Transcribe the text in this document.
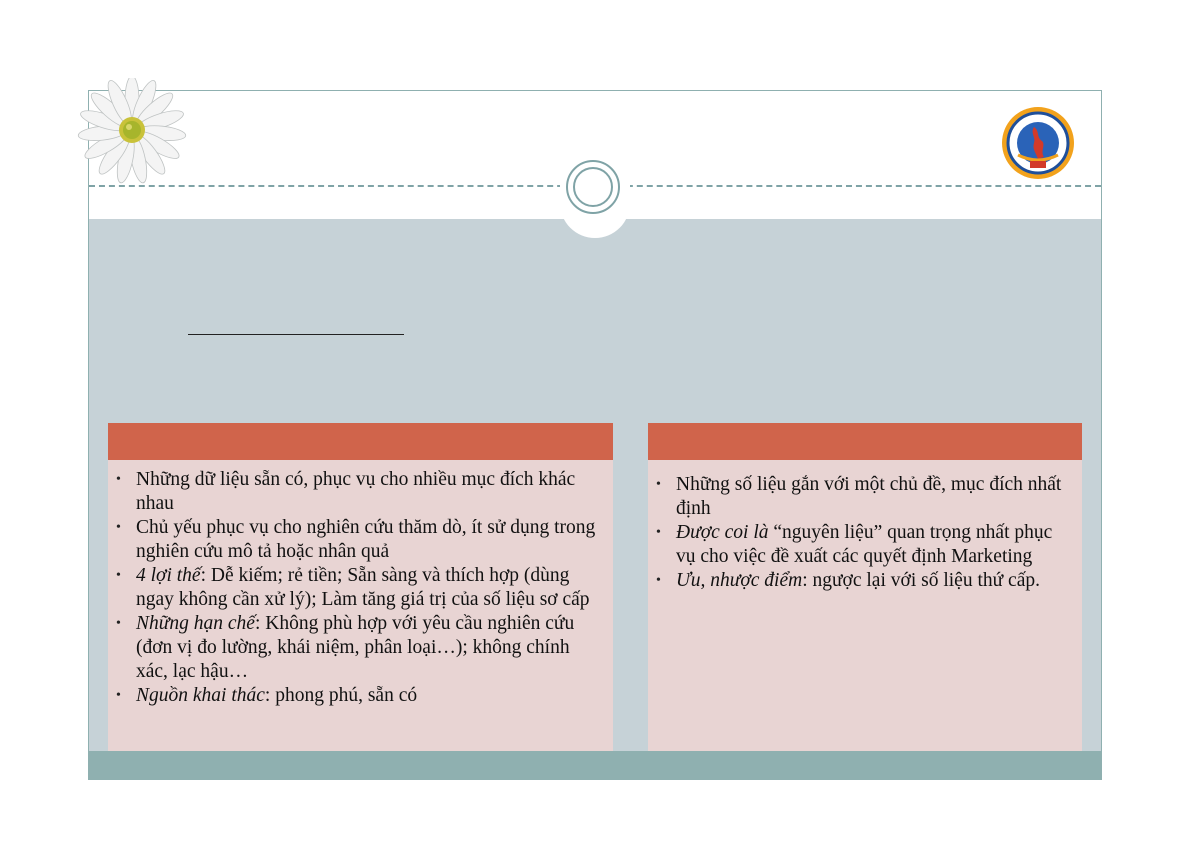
• Những dữ liệu sẵn có, phục vụ cho nhiều mục đích khác nhau
• Chủ yếu phục vụ cho nghiên cứu thăm dò, ít sử dụng trong nghiên cứu mô tả hoặc nhân quả
• 4 lợi thế: Dễ kiếm; rẻ tiền; Sẵn sàng và thích hợp (dùng ngay không cần xử lý); Làm tăng giá trị của số liệu sơ cấp
• Những hạn chế: Không phù hợp với yêu cầu nghiên cứu (đơn vị đo lường, khái niệm, phân loại…); không chính xác, lạc hậu…
• Nguồn khai thác: phong phú, sẵn có
• Những số liệu gắn với một chủ đề, mục đích nhất định
• Được coi là “nguyên liệu” quan trọng nhất phục vụ cho việc đề xuất các quyết định Marketing
• Ưu, nhược điểm: ngược lại với số liệu thứ cấp.
